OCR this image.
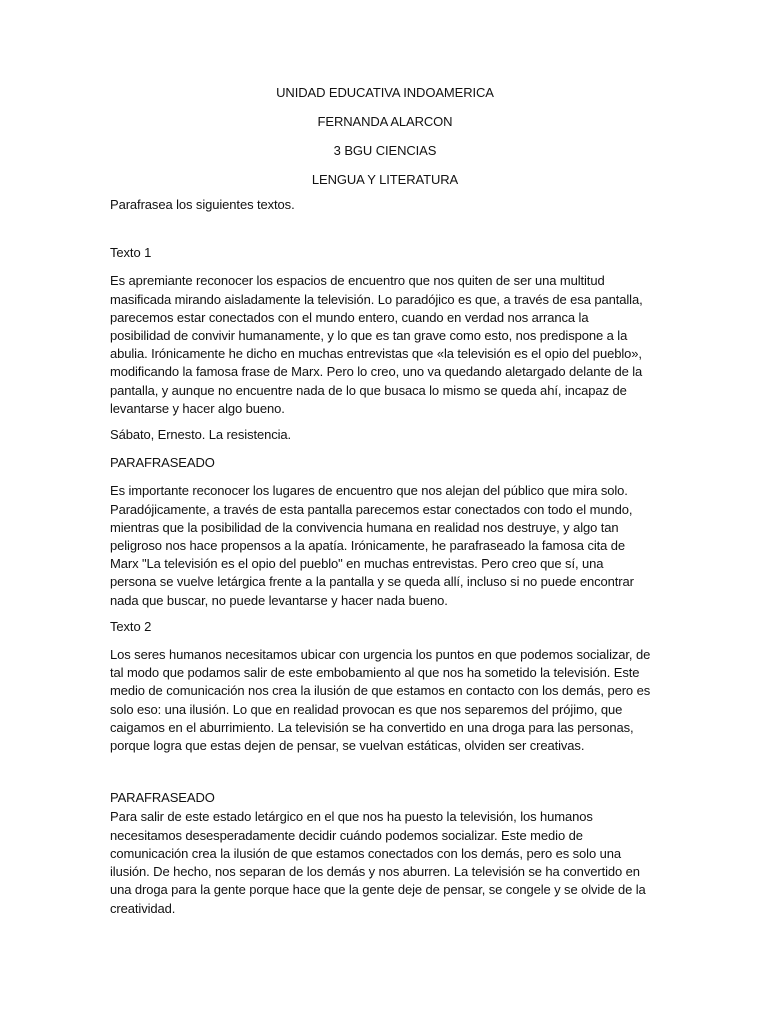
UNIDAD EDUCATIVA INDOAMERICA
FERNANDA ALARCON
3 BGU CIENCIAS
LENGUA Y LITERATURA

Parafrasea los siguientes textos.

Texto 1

Es apremiante reconocer los espacios de encuentro que nos quiten de ser una multitud
masificada mirando aisladamente la televisión. Lo paradójico es que, a través de esa pantalla,
parecemos estar conectados con el mundo entero, cuando en verdad nos arranca la
posibilidad de convivir humanamente, y lo que es tan grave como esto, nos predispone a la
abulia. Irónicamente he dicho en muchas entrevistas que «la televisión es el opio del pueblo»,
modificando la famosa frase de Marx. Pero lo creo, uno va quedando aletargado delante de la
pantalla, y aunque no encuentre nada de lo que busaca lo mismo se queda ahí, incapaz de
levantarse y hacer algo bueno.

Sábato, Ernesto. La resistencia.

PARAFRASEADO

Es importante reconocer los lugares de encuentro que nos alejan del público que mira solo.
Paradójicamente, a través de esta pantalla parecemos estar conectados con todo el mundo,
mientras que la posibilidad de la convivencia humana en realidad nos destruye, y algo tan
peligroso nos hace propensos a la apatía. Irónicamente, he parafraseado la famosa cita de
Marx "La televisión es el opio del pueblo" en muchas entrevistas. Pero creo que sí, una
persona se vuelve letárgica frente a la pantalla y se queda allí, incluso si no puede encontrar
nada que buscar, no puede levantarse y hacer nada bueno.

Texto 2

Los seres humanos necesitamos ubicar con urgencia los puntos en que podemos socializar, de
tal modo que podamos salir de este embobamiento al que nos ha sometido la televisión. Este
medio de comunicación nos crea la ilusión de que estamos en contacto con los demás, pero es
solo eso: una ilusión. Lo que en realidad provocan es que nos separemos del prójimo, que
caigamos en el aburrimiento. La televisión se ha convertido en una droga para las personas,
porque logra que estas dejen de pensar, se vuelvan estáticas, olviden ser creativas.

PARAFRASEADO

Para salir de este estado letárgico en el que nos ha puesto la televisión, los humanos
necesitamos desesperadamente decidir cuándo podemos socializar. Este medio de
comunicación crea la ilusión de que estamos conectados con los demás, pero es solo una
ilusión. De hecho, nos separan de los demás y nos aburren. La televisión se ha convertido en
una droga para la gente porque hace que la gente deje de pensar, se congele y se olvide de la
creatividad.
